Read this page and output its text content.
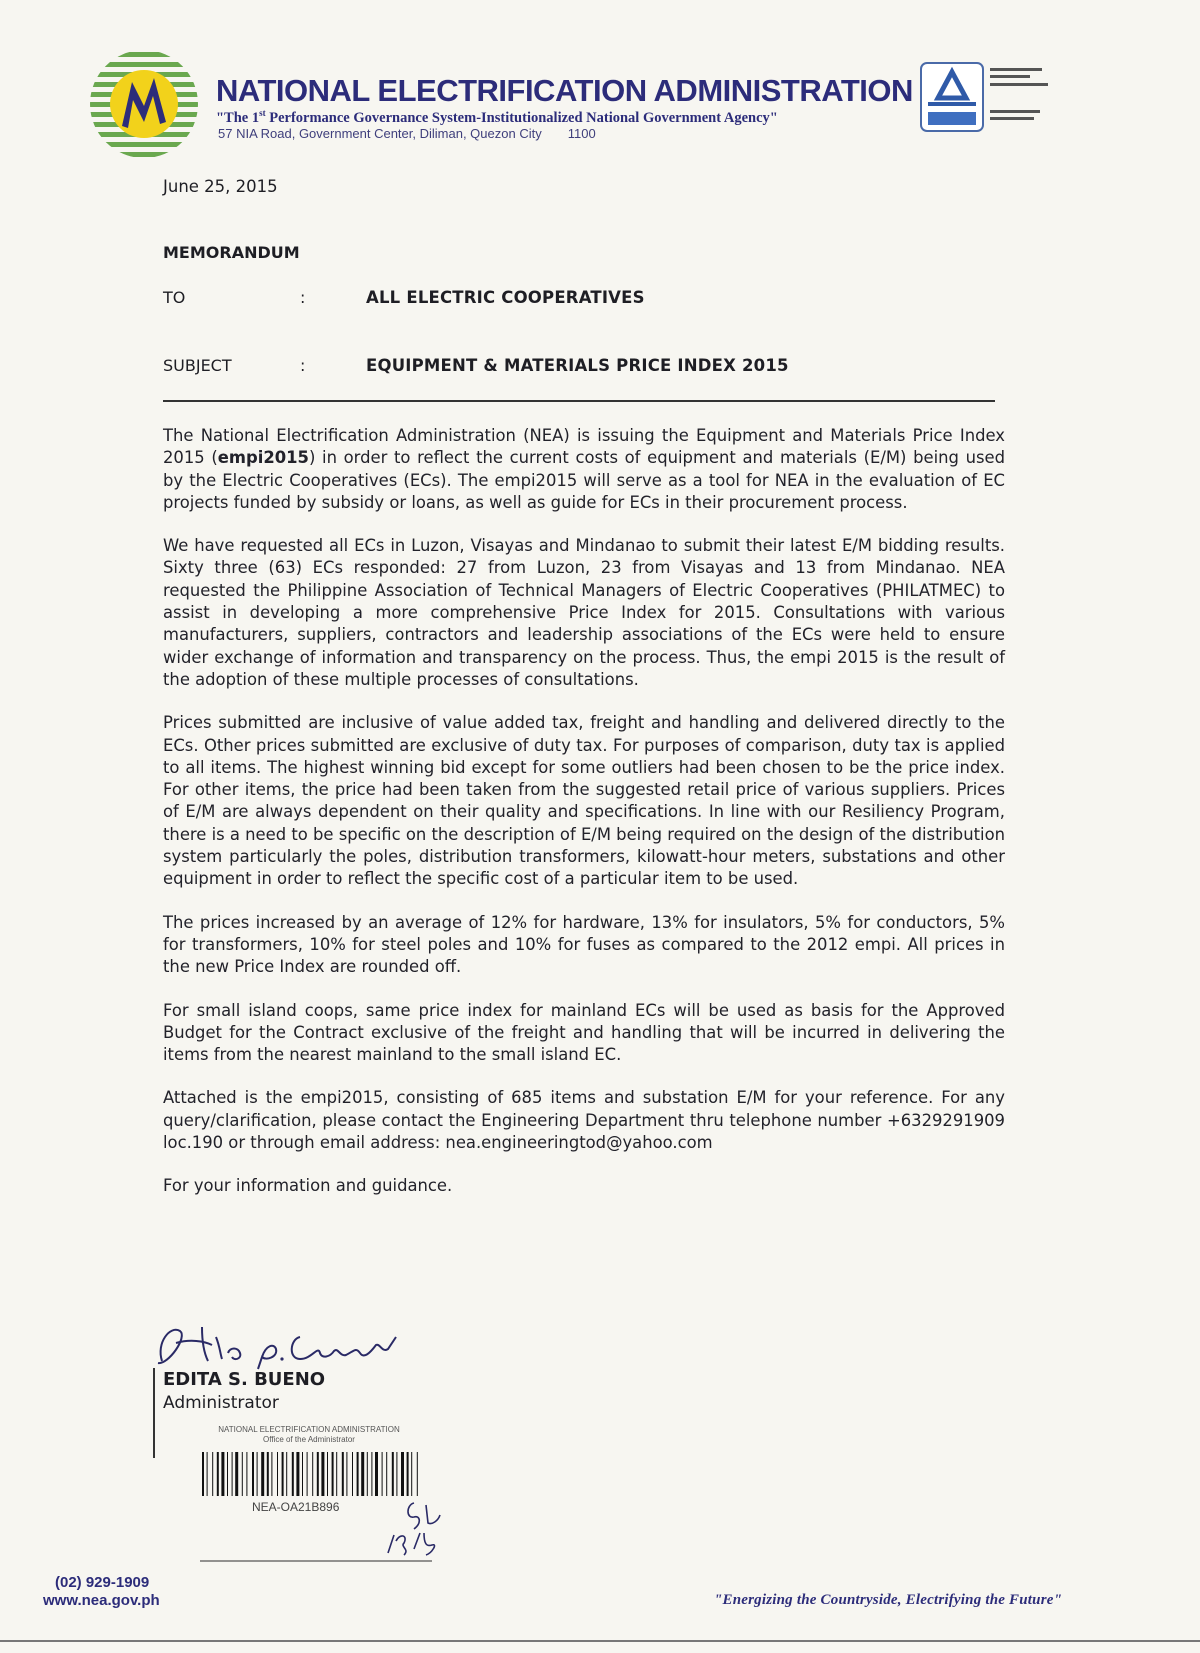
NATIONAL ELECTRIFICATION ADMINISTRATION
"The 1st Performance Governance System-Institutionalized National Government Agency"
57 NIA Road, Government Center, Diliman, Quezon City 1100
June 25, 2015
MEMORANDUM
TO	:	ALL ELECTRIC COOPERATIVES
SUBJECT	:	EQUIPMENT & MATERIALS PRICE INDEX 2015

The National Electrification Administration (NEA) is issuing the Equipment and Materials Price Index 2015 (empi2015) in order to reflect the current costs of equipment and materials (E/M) being used by the Electric Cooperatives (ECs). The empi2015 will serve as a tool for NEA in the evaluation of EC projects funded by subsidy or loans, as well as guide for ECs in their procurement process.

We have requested all ECs in Luzon, Visayas and Mindanao to submit their latest E/M bidding results. Sixty three (63) ECs responded: 27 from Luzon, 23 from Visayas and 13 from Mindanao. NEA requested the Philippine Association of Technical Managers of Electric Cooperatives (PHILATMEC) to assist in developing a more comprehensive Price Index for 2015. Consultations with various manufacturers, suppliers, contractors and leadership associations of the ECs were held to ensure wider exchange of information and transparency on the process. Thus, the empi 2015 is the result of the adoption of these multiple processes of consultations.

Prices submitted are inclusive of value added tax, freight and handling and delivered directly to the ECs. Other prices submitted are exclusive of duty tax. For purposes of comparison, duty tax is applied to all items. The highest winning bid except for some outliers had been chosen to be the price index. For other items, the price had been taken from the suggested retail price of various suppliers. Prices of E/M are always dependent on their quality and specifications. In line with our Resiliency Program, there is a need to be specific on the description of E/M being required on the design of the distribution system particularly the poles, distribution transformers, kilowatt-hour meters, substations and other equipment in order to reflect the specific cost of a particular item to be used.

The prices increased by an average of 12% for hardware, 13% for insulators, 5% for conductors, 5% for transformers, 10% for steel poles and 10% for fuses as compared to the 2012 empi. All prices in the new Price Index are rounded off.

For small island coops, same price index for mainland ECs will be used as basis for the Approved Budget for the Contract exclusive of the freight and handling that will be incurred in delivering the items from the nearest mainland to the small island EC.

Attached is the empi2015, consisting of 685 items and substation E/M for your reference. For any query/clarification, please contact the Engineering Department thru telephone number +6329291909 loc.190 or through email address: nea.engineeringtod@yahoo.com

For your information and guidance.

EDITA S. BUENO
Administrator
NATIONAL ELECTRIFICATION ADMINISTRATION
Office of the Administrator
NEA-OA21B896
(02) 929-1909
www.nea.gov.ph	"Energizing the Countryside, Electrifying the Future"
